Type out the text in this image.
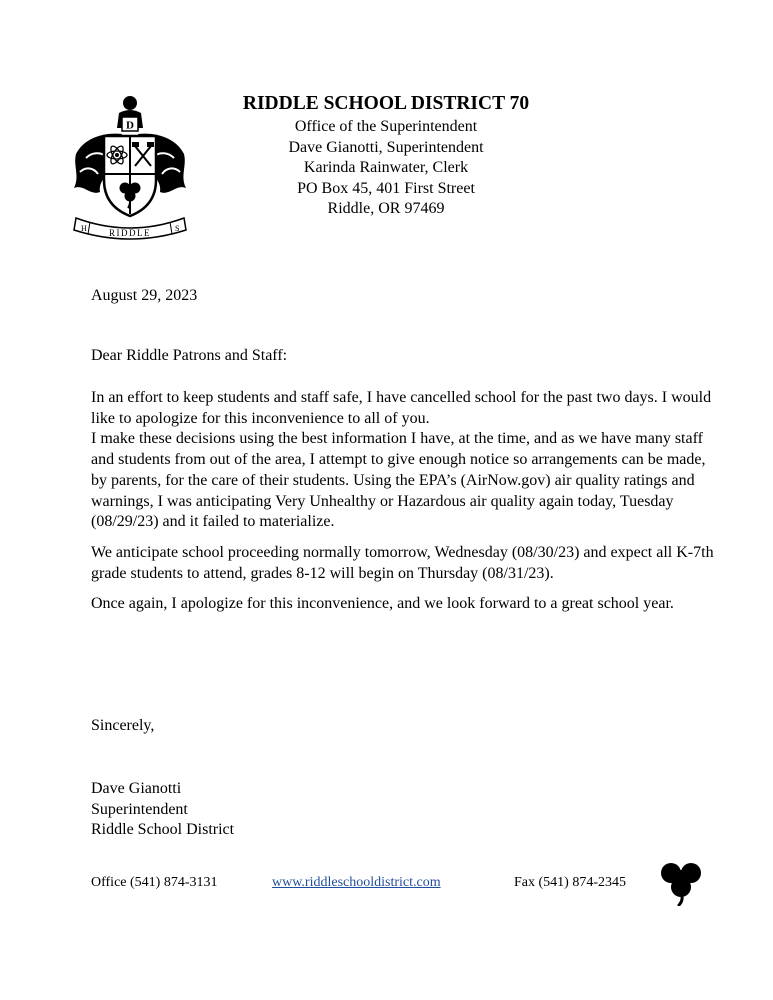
D
H RIDDLE	S
RIDDLE SCHOOL DISTRICT 70
Office of the Superintendent
Dave Gianotti, Superintendent
Karinda Rainwater, Clerk
PO Box 45, 401 First Street
Riddle, OR 97469
August 29, 2023
Dear Riddle Patrons and Staff:

In an effort to keep students and staff safe, I have cancelled school for the past two days. I would like to apologize for this inconvenience to all of you.

I make these decisions using the best information I have, at the time, and as we have many staff and students from out of the area, I attempt to give enough notice so arrangements can be made, by parents, for the care of their students. Using the EPA’s (AirNow.gov) air quality ratings and warnings, I was anticipating Very Unhealthy or Hazardous air quality again today, Tuesday (08/29/23) and it failed to materialize.

We anticipate school proceeding normally tomorrow, Wednesday (08/30/23) and expect all K-7th grade students to attend, grades 8-12 will begin on Thursday (08/31/23).

Once again, I apologize for this inconvenience, and we look forward to a great school year.

Sincerely,
Dave Gianotti
Superintendent
Riddle School District
Office (541) 874-3131	www.riddleschooldistrict.com	Fax (541) 874-2345
